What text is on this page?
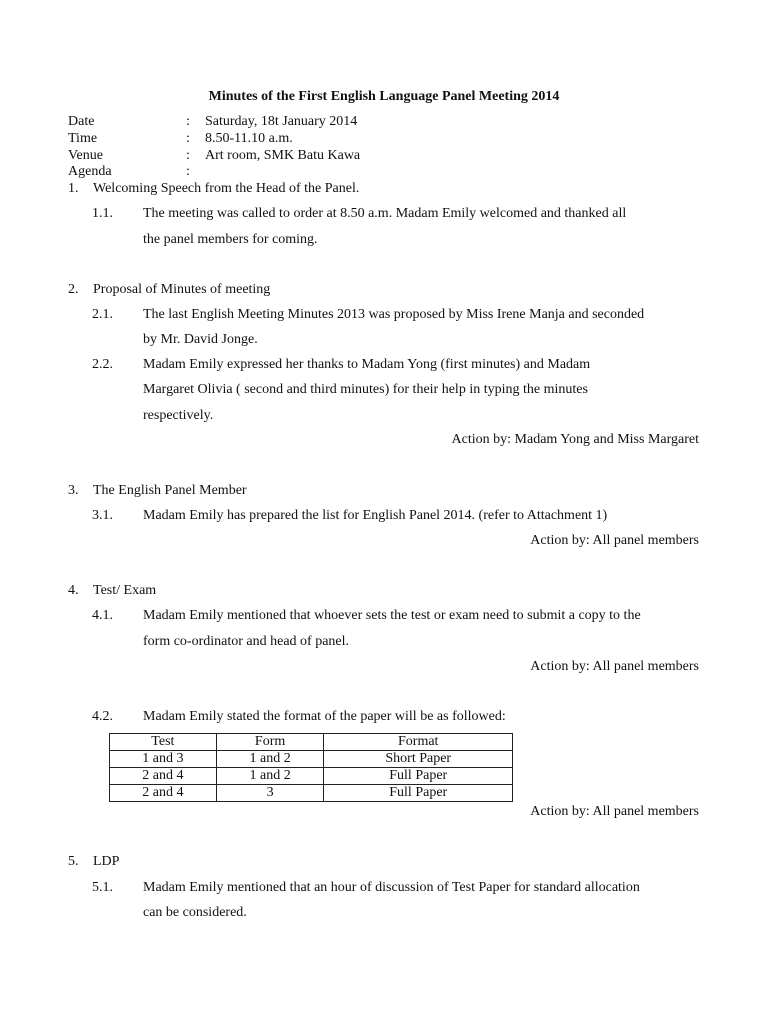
Minutes of the First English Language Panel Meeting 2014
Date	: Saturday, 18t January 2014
Time	: 8.50-11.10 a.m.
Venue	: Art room, SMK Batu Kawa
Agenda	:
1. Welcoming Speech from the Head of the Panel.
1.1. The meeting was called to order at 8.50 a.m. Madam Emily welcomed and thanked all
the panel members for coming.
2. Proposal of Minutes of meeting
2.1. The last English Meeting Minutes 2013 was proposed by Miss Irene Manja and seconded
by Mr. David Jonge.
2.2. Madam Emily expressed her thanks to Madam Yong (first minutes) and Madam
Margaret Olivia ( second and third minutes) for their help in typing the minutes
respectively.
Action by: Madam Yong and Miss Margaret
3. The English Panel Member
3.1. Madam Emily has prepared the list for English Panel 2014. (refer to Attachment 1)
Action by: All panel members
4. Test/ Exam
4.1. Madam Emily mentioned that whoever sets the test or exam need to submit a copy to the
form co-ordinator and head of panel.
Action by: All panel members
4.2. Madam Emily stated the format of the paper will be as followed:
Test	Form	Format
1 and 3	1 and 2	Short Paper
2 and 4	1 and 2	Full Paper
2 and 4	3	Full Paper
Action by: All panel members
5. LDP
5.1. Madam Emily mentioned that an hour of discussion of Test Paper for standard allocation
can be considered.
